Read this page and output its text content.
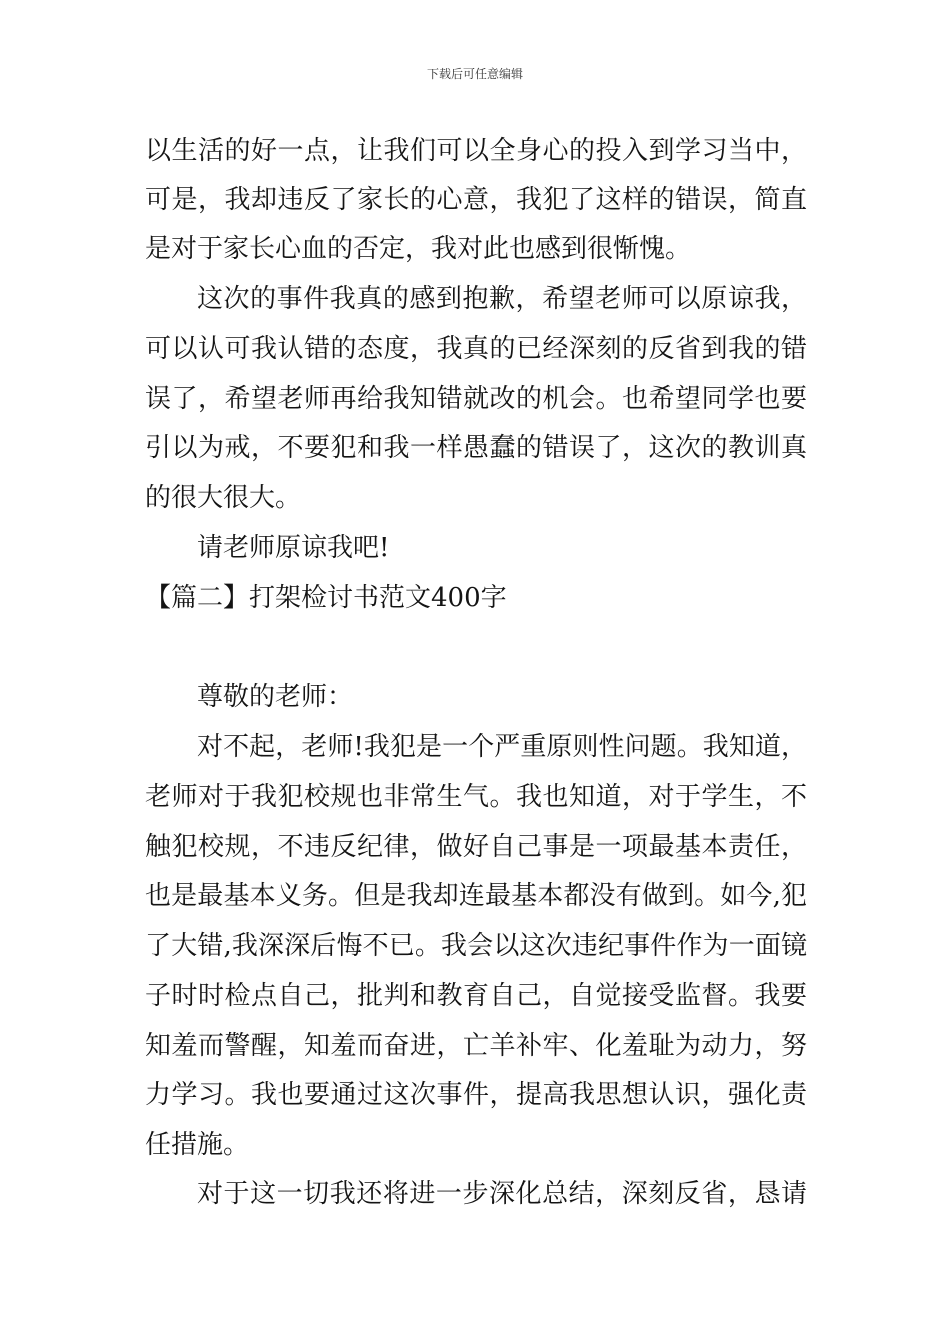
下载后可任意编辑
以生活的好一点，让我们可以全身心的投入到学习当中，
可是，我却违反了家长的心意，我犯了这样的错误，简直
是对于家长心血的否定，我对此也感到很惭愧。
这次的事件我真的感到抱歉，希望老师可以原谅我，
可以认可我认错的态度，我真的已经深刻的反省到我的错
误了，希望老师再给我知错就改的机会。也希望同学也要
引以为戒，不要犯和我一样愚蠢的错误了，这次的教训真
的很大很大。
请老师原谅我吧!
【篇二】打架检讨书范文400字
尊敬的老师：
对不起，老师!我犯是一个严重原则性问题。我知道，
老师对于我犯校规也非常生气。我也知道，对于学生，不
触犯校规，不违反纪律，做好自己事是一项最基本责任，
也是最基本义务。但是我却连最基本都没有做到。如今,犯
了大错,我深深后悔不已。我会以这次违纪事件作为一面镜
子时时检点自己，批判和教育自己，自觉接受监督。我要
知羞而警醒，知羞而奋进，亡羊补牢、化羞耻为动力，努
力学习。我也要通过这次事件，提高我思想认识，强化责
任措施。
对于这一切我还将进一步深化总结，深刻反省，恳请
